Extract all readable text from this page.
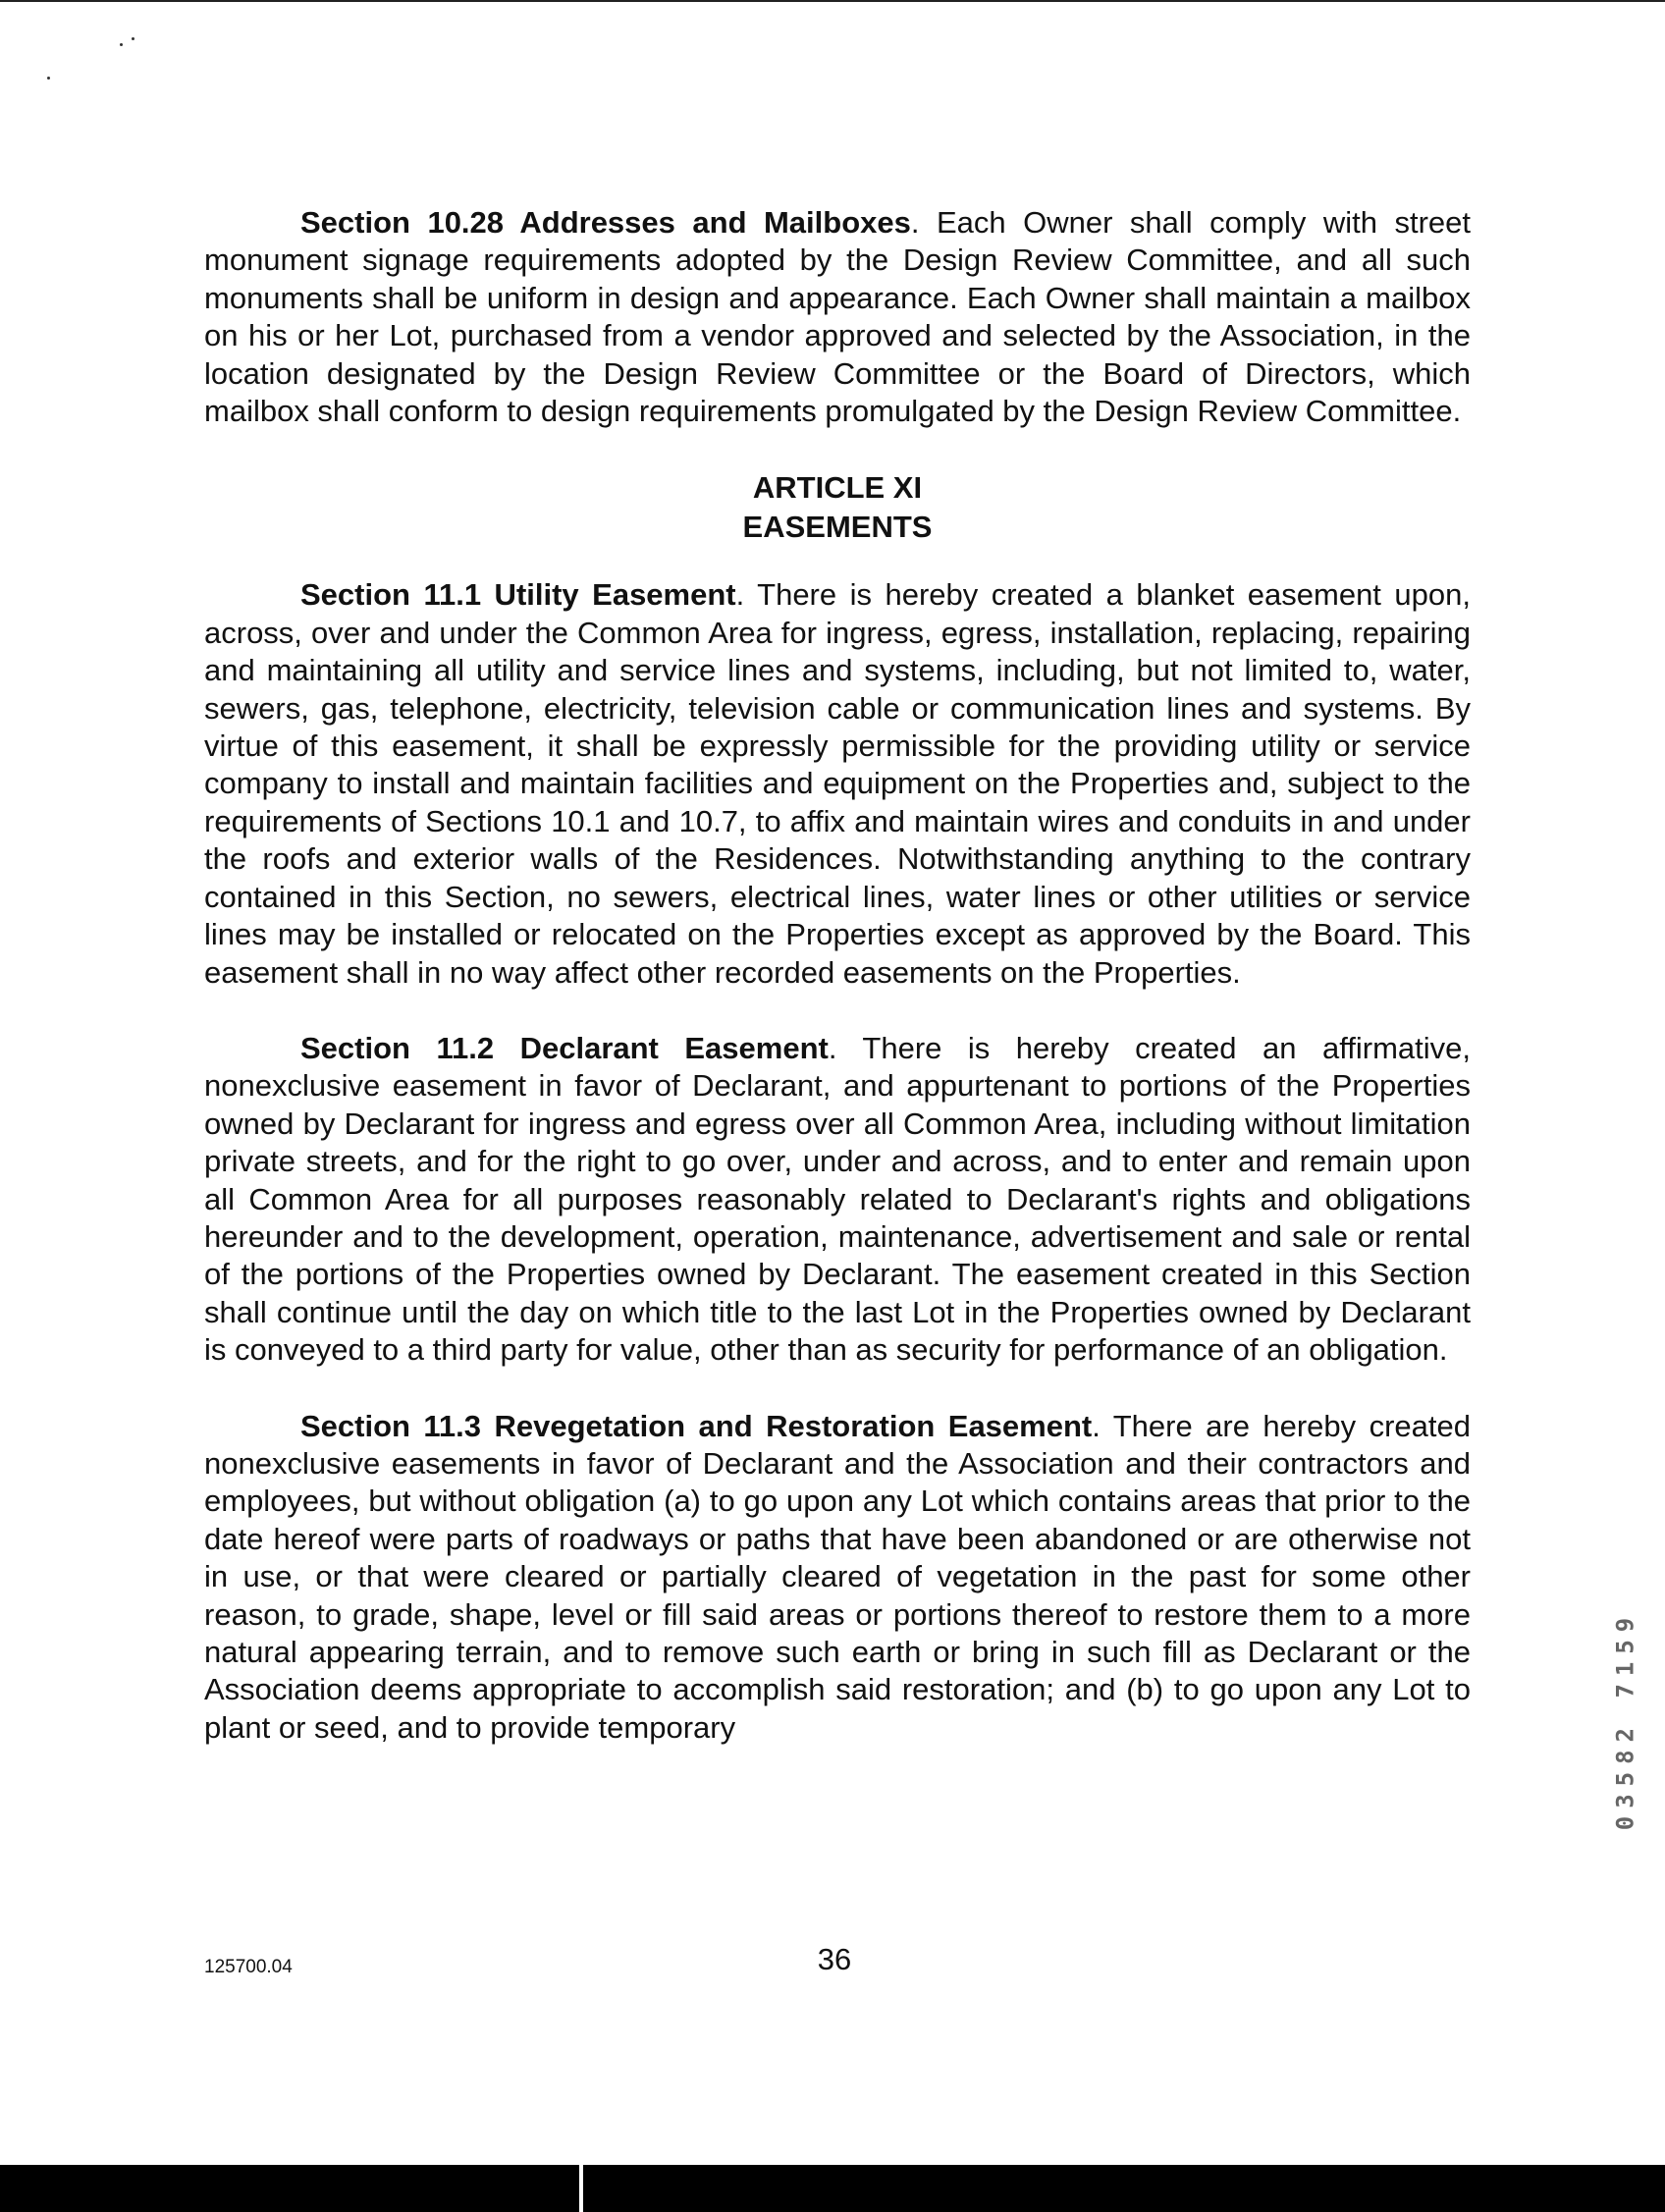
Section 10.28 Addresses and Mailboxes. Each Owner shall comply with street monument signage requirements adopted by the Design Review Committee, and all such monuments shall be uniform in design and appearance. Each Owner shall maintain a mailbox on his or her Lot, purchased from a vendor approved and selected by the Association, in the location designated by the Design Review Committee or the Board of Directors, which mailbox shall conform to design requirements promulgated by the Design Review Committee.

ARTICLE XI
EASEMENTS

Section 11.1 Utility Easement. There is hereby created a blanket easement upon, across, over and under the Common Area for ingress, egress, installation, replacing, repairing and maintaining all utility and service lines and systems, including, but not limited to, water, sewers, gas, telephone, electricity, television cable or communication lines and systems. By virtue of this easement, it shall be expressly permissible for the providing utility or service company to install and maintain facilities and equipment on the Properties and, subject to the requirements of Sections 10.1 and 10.7, to affix and maintain wires and conduits in and under the roofs and exterior walls of the Residences. Notwithstanding anything to the contrary contained in this Section, no sewers, electrical lines, water lines or other utilities or service lines may be installed or relocated on the Properties except as approved by the Board. This easement shall in no way affect other recorded easements on the Properties.

Section 11.2 Declarant Easement. There is hereby created an affirmative, nonexclusive easement in favor of Declarant, and appurtenant to portions of the Properties owned by Declarant for ingress and egress over all Common Area, including without limitation private streets, and for the right to go over, under and across, and to enter and remain upon all Common Area for all purposes reasonably related to Declarant's rights and obligations hereunder and to the development, operation, maintenance, advertisement and sale or rental of the portions of the Properties owned by Declarant. The easement created in this Section shall continue until the day on which title to the last Lot in the Properties owned by Declarant is conveyed to a third party for value, other than as security for performance of an obligation.

Section 11.3 Revegetation and Restoration Easement. There are hereby created nonexclusive easements in favor of Declarant and the Association and their contractors and employees, but without obligation (a) to go upon any Lot which contains areas that prior to the date hereof were parts of roadways or paths that have been abandoned or are otherwise not in use, or that were cleared or partially cleared of vegetation in the past for some other reason, to grade, shape, level or fill said areas or portions thereof to restore them to a more natural appearing terrain, and to remove such earth or bring in such fill as Declarant or the Association deems appropriate to accomplish said restoration; and (b) to go upon any Lot to plant or seed, and to provide temporary

125700.04	36
03582 7159
